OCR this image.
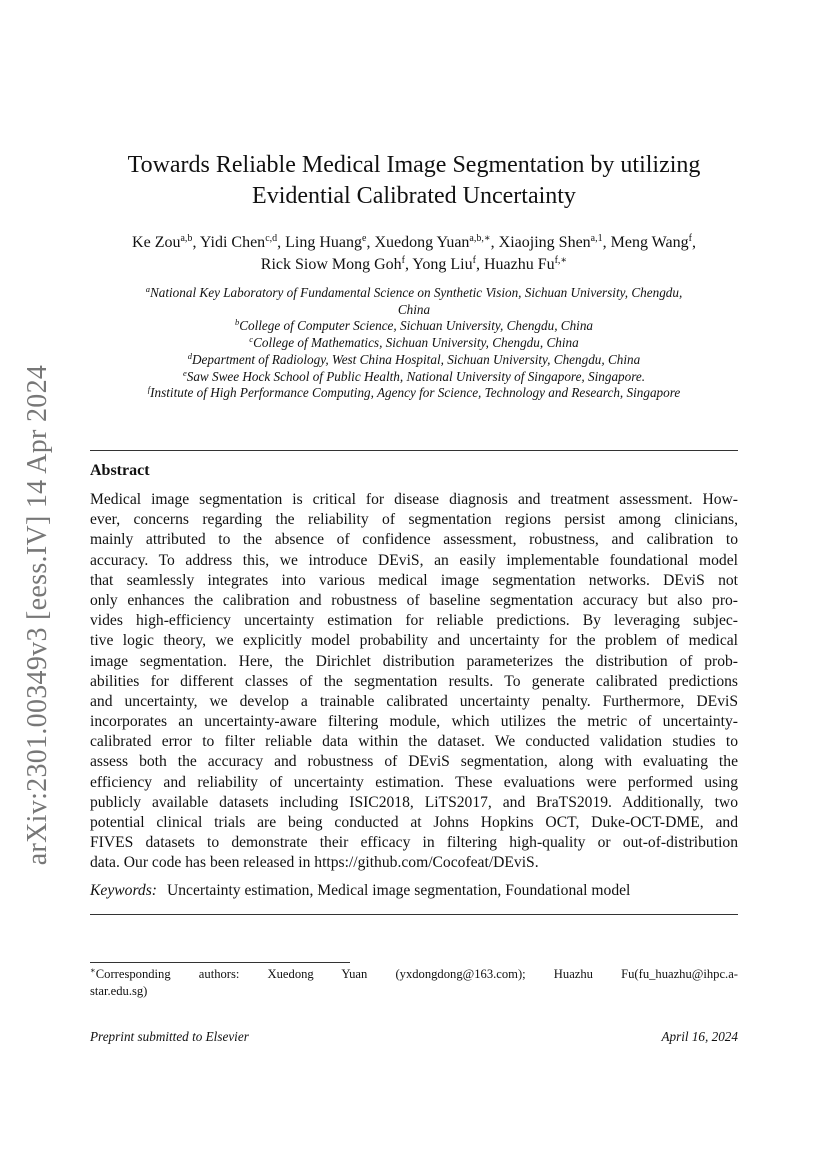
arXiv:2301.00349v3 [eess.IV] 14 Apr 2024
Towards Reliable Medical Image Segmentation by utilizing
Evidential Calibrated Uncertainty
Ke Zou$^{a,b}$, Yidi Chen$^{c,d}$, Ling Huang$^e$, Xuedong Yuan$^{a,b,∗}$, Xiaojing Shen$^{a,1}$, Meng Wang$^f$,
Rick Siow Mong Goh$^f$, Yong Liu$^f$, Huazhu $Fu^{f,∗}$
$^a$National Key Laboratory of Fundamental Science on Synthetic Vision, Sichuan University, Chengdu,
China
$^b$College of Computer Science, Sichuan University, Chengdu, China
$^c$College of Mathematics, Sichuan University, Chengdu, China
$^d$Department of Radiology, West China Hospital, Sichuan University, Chengdu, China
$^e$Saw Swee Hock School of Public Health, National University of Singapore, Singapore.
$^f$Institute of High Performance Computing, Agency for Science, Technology and Research, Singapore
Abstract
Medical image segmentation is critical for disease diagnosis and treatment assessment. How-
ever, concerns regarding the reliability of segmentation regions persist among clinicians,
mainly attributed to the absence of confidence assessment, robustness, and calibration to
accuracy. To address this, we introduce DEviS, an easily implementable foundational model
that seamlessly integrates into various medical image segmentation networks. DEviS not
only enhances the calibration and robustness of baseline segmentation accuracy but also pro-
vides high-efficiency uncertainty estimation for reliable predictions. By leveraging subjec-
tive logic theory, we explicitly model probability and uncertainty for the problem of medical
image segmentation. Here, the Dirichlet distribution parameterizes the distribution of prob-
abilities for different classes of the segmentation results. To generate calibrated predictions
and uncertainty, we develop a trainable calibrated uncertainty penalty. Furthermore, DEviS
incorporates an uncertainty-aware filtering module, which utilizes the metric of uncertainty-
calibrated error to filter reliable data within the dataset. We conducted validation studies to
assess both the accuracy and robustness of DEviS segmentation, along with evaluating the
efficiency and reliability of uncertainty estimation. These evaluations were performed using
publicly available datasets including ISIC2018, LiTS2017, and BraTS2019. Additionally, two
potential clinical trials are being conducted at Johns Hopkins OCT, Duke-OCT-DME, and
FIVES datasets to demonstrate their efficacy in filtering high-quality or out-of-distribution
data. Our code has been released in https://github.com/Cocofeat/DEviS.
Keywords: Uncertainty estimation, Medical image segmentation, Foundational model
∗Corresponding authors: Xuedong Yuan (yxdongdong@163.com); Huazhu Fu(fu_huazhu@ihpc.a-
star.edu.sg)
Preprint submitted to Elsevier	April 16, 2024
